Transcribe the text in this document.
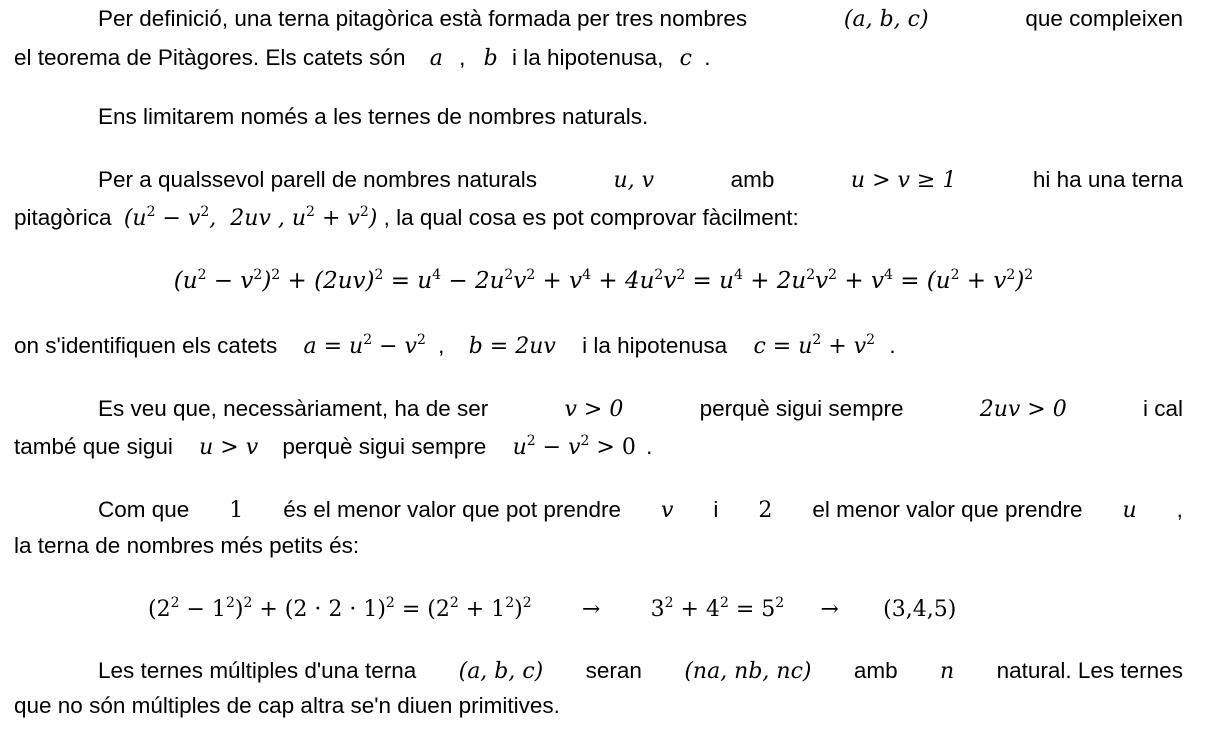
Per definició, una terna pitagòrica està formada per tres nombres	(a, b, c)	que compleixen
el teorema de Pitàgores. Els catets són a , b i la hipotenusa, c .
Ens limitarem només a les ternes de nombres naturals.
Per a qualssevol parell de nombres naturals	u, v	amb	u > v ≥ 1	hi ha una terna
pitagòrica ($u^2 - v^2$,  2uv , $u^2 + v^2$) , la qual cosa es pot comprovar fàcilment:
$(u^2 - v^2)^2 + (2uv)^2 = u^4 - 2u^2v^2 + v^4 + 4u^2v^2 = u^4 + 2u^2v^2 + v^4 = (u^2 + v^2)^2$
on s'identifiquen els catets $a = u^2 - v^2$ , b = 2uv i la hipotenusa $c = u^2 + v^2$ .
Es veu que, necessàriament, ha de ser	v > 0	perquè sigui sempre	2uv > 0	i cal
també que sigui u > v perquè sigui sempre $u^2 - v^2 > 0$ .
Com que 1 és el menor valor que pot prendre v i 2 el menor valor que prendre u ,
la terna de nombres més petits és:
$(2^2 - 1^2)^2 + (2 \cdot 2 \cdot 1)^2 = (2^2 + 1^2)^2 \to 3^2 + 4^2 = 5^2 \to (3,4,5)$
Les ternes múltiples d'una terna (a, b, c) seran (na, nb, nc) amb n natural. Les ternes
que no són múltiples de cap altra se'n diuen primitives.
